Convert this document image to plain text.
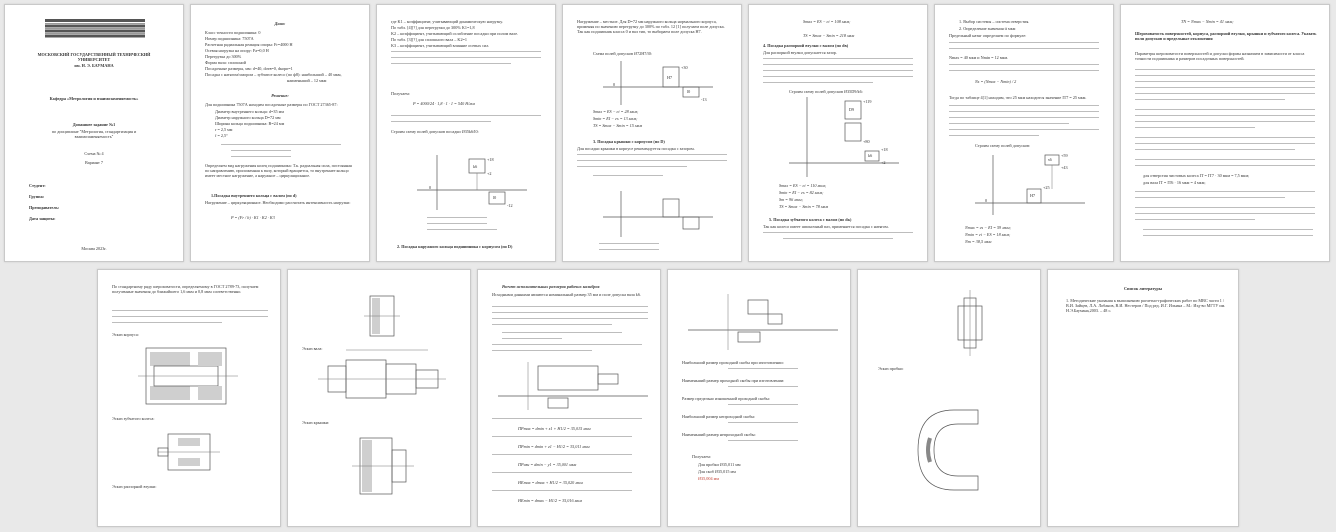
МОСКОВСКИЙ ГОСУДАРСТВЕННЫЙ ТЕХНИЧЕСКИЙ
УНИВЕРСИТЕТ
им. Н. Э. БАУМАНА
Кафедра «Метрология и взаимозаменяемость»
Домашнее задание №1
по дисциплине "Метрология, стандартизация и
взаимозаменяемость"
Схема № 4
Вариант 7
Студент:
Группа:
Преподаватель:
Дата защиты:
Москва 2023г.
Дано:
Класс точности подшипника: 0
Номер подшипника: 7507А
Расчетная радиальная реакция опоры: Fr=4000 Н
Осевая нагрузка на опору: Fa=0,0 Н
Перегрузка до 300%
Форма вала: сплошной
Посадочные размеры, мм: d=40, dотв=0, dкорп=1
Посадка с натягом/зазором – зубчатое колесо (по ф8): наибольший – 40 мкм,
наименьший – 12 мкм
Решение:
Для подшипника 7507А находим посадочные размеры по ГОСТ 27365-87:
Диаметр внутреннего кольца: d=35 мм
Диаметр наружного кольца D=72 мм
Ширина кольца подшипника: B=24 мм
r = 2,5 мм
f = 2,5°
Определяем вид нагружения колец подшипника: Т.к. радиальная сила, постоянная по направлению, приложенная к валу, который вращается, то внутреннее кольцо имеет местное нагружение, а наружное – циркуляционное.
1.Посадка внутреннего кольца с валом (по d)
Нагружение – циркуляционное. Необходимо рассчитать интенсивность нагрузки:
P = (Fr / b) · K1 · K2 · K3
где K1 – коэффициент, учитывающий динамическую нагрузку.
По табл. [4][?] для перегрузки до 300% K1=1,8
K2 – коэффициент, учитывающий ослабление посадки при полом вале.
По табл. [3][?] для сплошного вала – K2=1
K3 – коэффициент, учитывающий влияние осевых сил.
Получаем:
P = 4000/24 · 1,8 · 1 · 1 = 540 Н/мм
Строим схему полей допусков посадки Ø35k6/l0:
k6
l0
+18
+2
0
-12
2. Посадка наружного кольца подшипника с корпусом (по D)
Нагружение – местное. Для D=72 мм наружного кольца нормального корпуса, применяя по значению перегрузку до 300% по табл. 12 [1] получаем поле допуска. Так как подшипник класса 0 и вал тип, то выбираем поле допуска Н7.
Схема полей допусков Ø72Н7/l0:
H7
l0
+30
0
-13
Smax = ES − ei = 28 мкм;
Smin = EI − es = 13 мкм;
TS = Smax − Smin = 15 мкм
3. Посадка крышки с корпусом (по D)
Для посадки крышки в корпусе рекомендуется посадка с зазором.
Smax = ES − ei = 108 мкм;
TS = Smax − Smin = 218 мкм
4. Посадка распорной втулки с валом (по dв)
Для распорной втулки допускается зазор.
Строим схему полей допусков Ø35D9/k6:
D9
k6
+119
+80
+18
+2
Smax = ES − ei = 110 мкм;
Smin = EI − es = 82 мкм;
Sm = 96 мкм;
TS = Smax − Smin = 78 мкм
5. Посадка зубчатого колеса с валом (по dк)
Так как колесо имеет шпоночный паз, применяется посадка с натягом.
1. Выбор системы – система отверстия.
2. Определение значения tt мкм
Предельный натяг определяем по формуле:
Nmax = 40 мкм и Nmin = 12 мкм.
Ns = (Nmax − Nmin) / 2
Тогда по таблице 4[1] находим, что 25 мкм находится значение IT7 = 25 мкм.
Строим схему полей допусков:
s6
H7
+59
+43
+25
0
Nmax = es − EI = 59 мкм;
Nmin = ei − ES = 18 мкм;
Nm = 38,5 мкм
TN = Nmax − Nmin = 41 мкм;
Шероховатость поверхностей, корпуса, распорной втулки, крышки и зубчатого колеса. Указать поля допусков и предельные отклонения
Параметры шероховатости поверхностей и допуски формы назначаем в зависимости от класса точности подшипника и размеров посадочных поверхностей.
для отверстия чистовых колеса IT = IT7 · 30 мкм = 7,5 мкм;
для вала IT = IT6 · 16 мкм = 4 мкм;
По стандартному ряду шероховатости, определяемому в ГОСТ 2789-73, получаем полученные значения до ближайшего 1,6 мкм и 0,8 мкм соответственно.
Эскиз корпуса:
Эскиз зубчатого колеса:
Эскиз распорной втулки:
Эскиз вала:
Эскиз крышки:
Расчет исполнительных размеров рабочих калибров
Исходными данными являются номинальный размер 35 мм и поле допуска вала k6.
ПРmax = dmin + z1 + H1/2 = 35,015 мкм
ПРmin = dmin + z1 − H1/2 = 35,011 мкм
ПРизн = dmin − y1 = 35,001 мкм
НЕmax = dmax + H1/2 = 35,020 мкм
НЕmin = dmax − H1/2 = 35,016 мкм
Наибольший размер проходной скобы при изготовлении:
Наименьший размер проходной скобы при изготовлении:
Размер предельно изношенной проходной скобы:
Наибольший размер непроходной скобы:
Наименьший размер непроходной скобы:
Получаем:
Для пробки Ø35,011 мм
Для скоб Ø35,015 мм
Ø35,004 мм
Эскиз пробки:
Список литературы
1. Методические указания к выполнению расчетно-графических работ по МВС части 1 / В.И. Зайцев, Л.А. Лобанов, В.И. Нестеров / Под ред. И.Г. Ильина – М.: Изд-во МГТУ им. Н.Э.Баумана,2003. – 48 с.
